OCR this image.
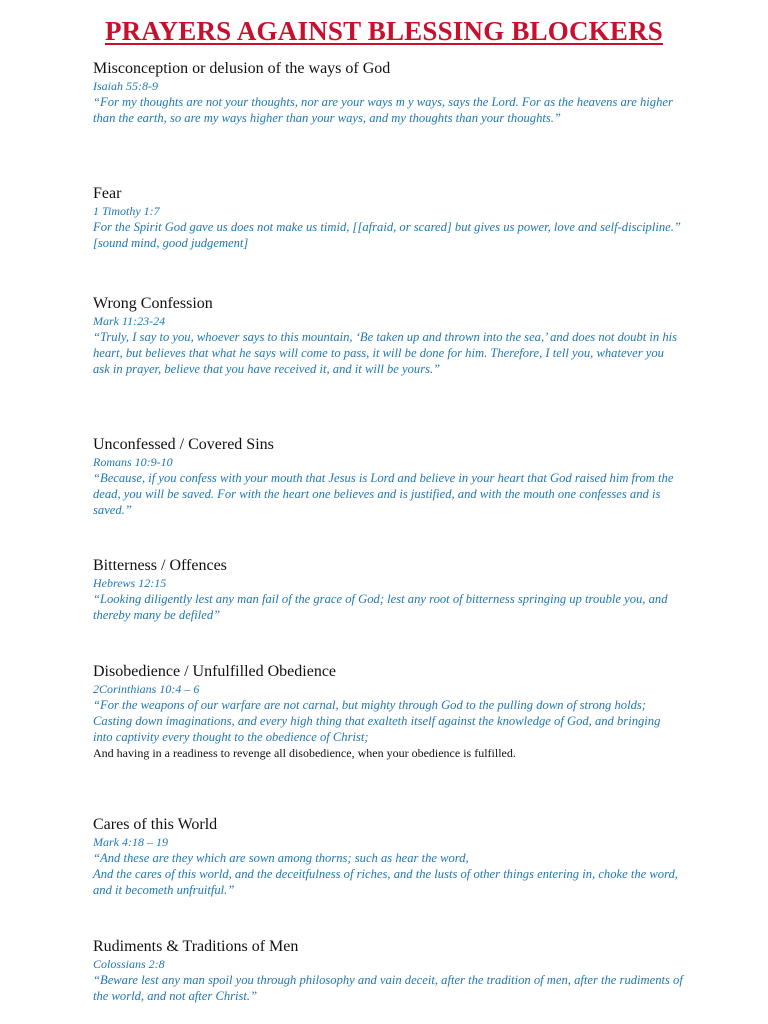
PRAYERS AGAINST BLESSING BLOCKERS

Misconception or delusion of the ways of God

Isaiah 55:8-9

“For my thoughts are not your thoughts, nor are your ways m y ways, says the Lord. For as the heavens are higher than the earth, so are my ways higher than your ways, and my thoughts than your thoughts.”

Fear

1 Timothy 1:7

For the Spirit God gave us does not make us timid, [[afraid, or scared] but gives us power, love and self-discipline.” [sound mind, good judgement]

Wrong Confession

Mark 11:23-24

“Truly, I say to you, whoever says to this mountain, ‘Be taken up and thrown into the sea,’ and does not doubt in his heart, but believes that what he says will come to pass, it will be done for him. Therefore, I tell you, whatever you ask in prayer, believe that you have received it, and it will be yours.”

Unconfessed / Covered Sins

Romans 10:9-10

“Because, if you confess with your mouth that Jesus is Lord and believe in your heart that God raised him from the dead, you will be saved. For with the heart one believes and is justified, and with the mouth one confesses and is saved.”

Bitterness / Offences

Hebrews 12:15

“Looking diligently lest any man fail of the grace of God; lest any root of bitterness springing up trouble you, and thereby many be defiled”

Disobedience / Unfulfilled Obedience

2Corinthians 10:4 – 6

“For the weapons of our warfare are not carnal, but mighty through God to the pulling down of strong holds;

Casting down imaginations, and every high thing that exalteth itself against the knowledge of God, and bringing into captivity every thought to the obedience of Christ;

And having in a readiness to revenge all disobedience, when your obedience is fulfilled.

Cares of this World

Mark 4:18 – 19

“And these are they which are sown among thorns; such as hear the word,

And the cares of this world, and the deceitfulness of riches, and the lusts of other things entering in, choke the word, and it becometh unfruitful.”

Rudiments & Traditions of Men

Colossians 2:8

“Beware lest any man spoil you through philosophy and vain deceit, after the tradition of men, after the rudiments of the world, and not after Christ.”
